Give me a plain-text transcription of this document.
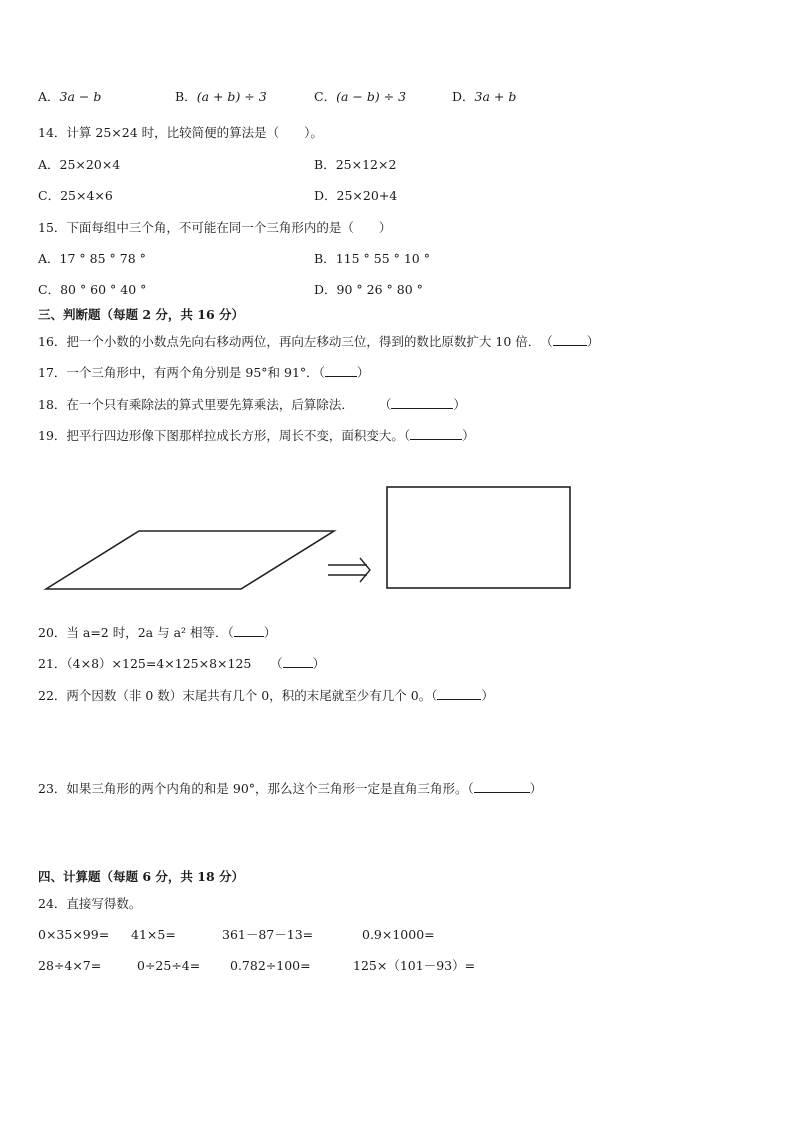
A．3a − b	B．(a + b) ÷ 3	C．(a − b) ÷ 3	D．3a + b
14．计算 25×24 时，比较简便的算法是（　　）。
A．25×20×4	B．25×12×2
C．25×4×6	D．25×20+4
15．下面每组中三个角，不可能在同一个三角形内的是（　　）
A．17 ° 85 ° 78 °	B．115 ° 55 ° 10 °
C．80 ° 60 ° 40 °	D．90 ° 26 ° 80 °
三、判断题（每题 2 分，共 16 分）
16．把一个小数的小数点先向右移动两位，再向左移动三位，得到的数比原数扩大 10 倍．　（	）
17．一个三角形中，有两个角分别是 95°和 91°．（	）
18．在一个只有乘除法的算式里要先算乘法，后算除法．　　　（	）
19．把平行四边形像下图那样拉成长方形，周长不变，面积变大。（	）
20．当 a=2 时，2a 与 a² 相等．（ ）
21．（4×8）×125=4×125×8×125　　（ ）
22．两个因数（非 0 数）末尾共有几个 0，积的末尾就至少有几个 0。（	）
23．如果三角形的两个内角的和是 90°，那么这个三角形一定是直角三角形。（	）
四、计算题（每题 6 分，共 18 分）
24．直接写得数。
0×35×99= 41×5=	361－87－13=	0.9×1000=
28÷4×7=	0÷25÷4= 0.782÷100=	125×（101－93）=
